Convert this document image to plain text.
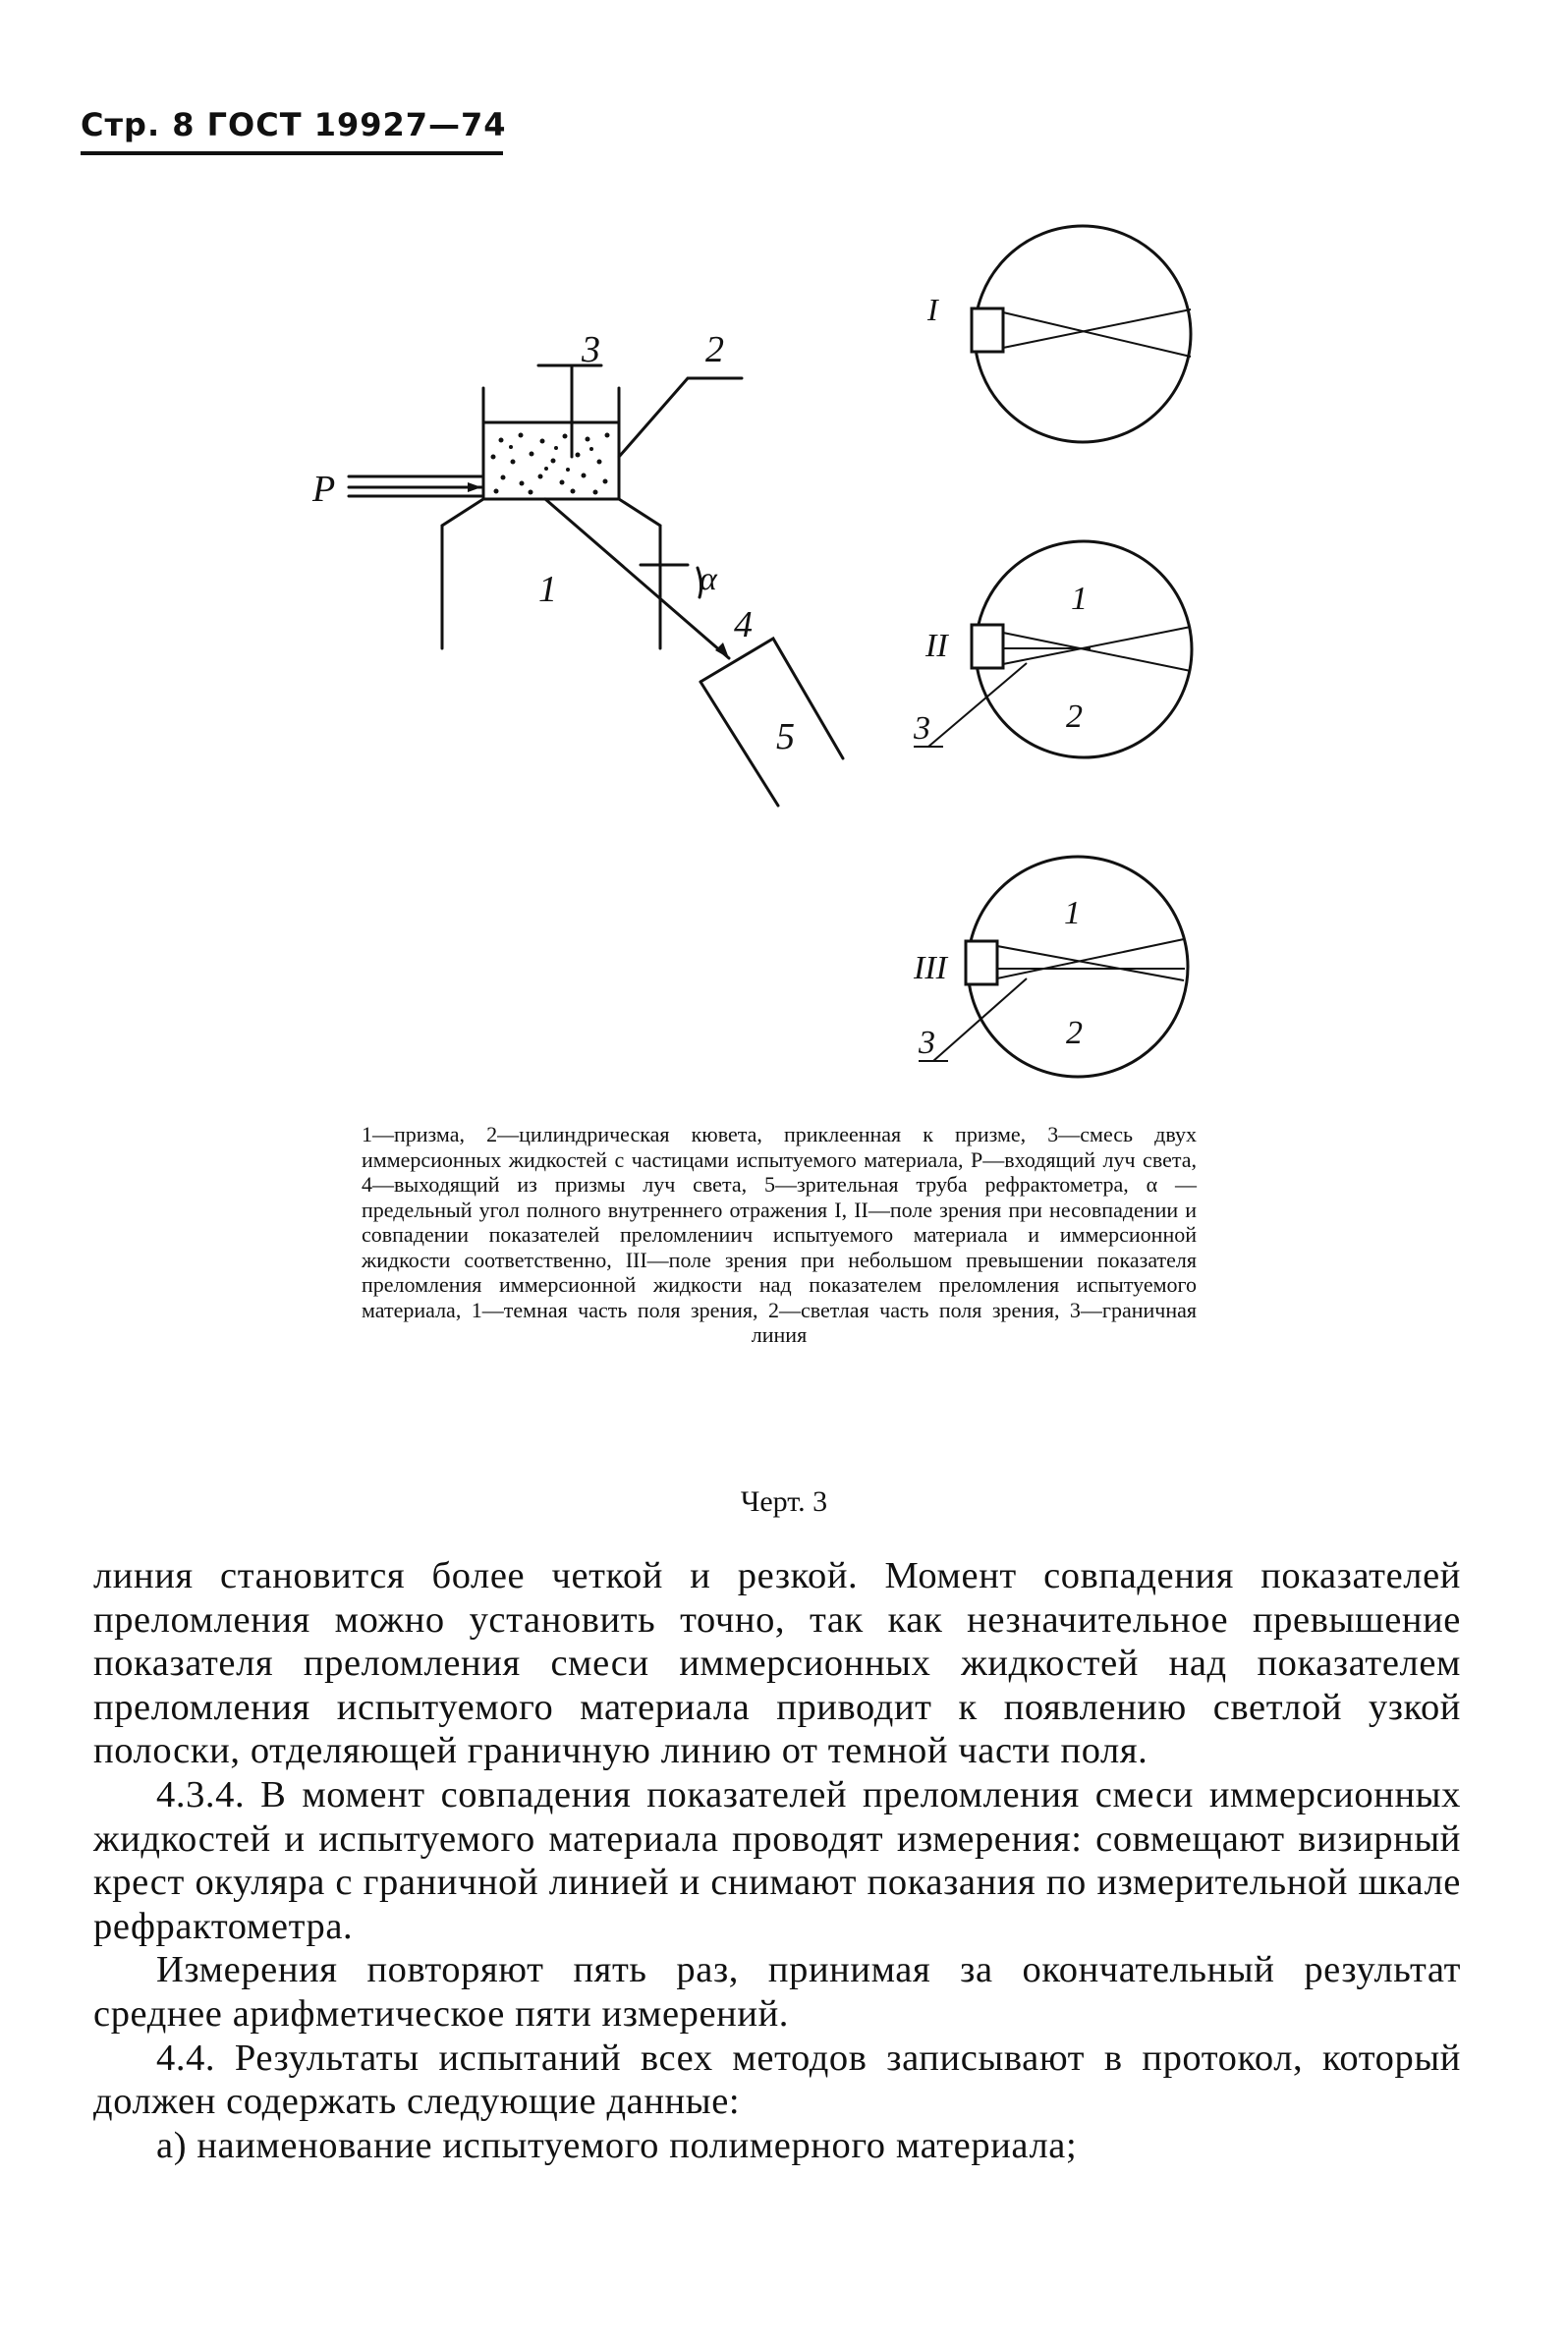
Стр. 8 ГОСТ 19927—74
P
1
2
3
4
5
α
I
II
1
2
3
III
1
2
3
1—призма, 2—цилиндрическая кювета, приклеенная к призме, 3—смесь двух иммерсионных жидкостей с частицами испытуемого материала, P—входящий луч света, 4—выходящий из призмы луч света, 5—зрительная труба рефрактометра, α —предельный угол полного внутреннего отражения I, II—поле зрения при несовпадении и совпадении показателей преломлениич испытуемого материала и иммерсионной жидкости соответственно, III—поле зрения при небольшом превышении показателя преломления иммерсионной жидкости над показателем преломления испытуемого материала, 1—темная часть поля зрения, 2—светлая часть поля зрения, 3—граничная линия
Черт. 3

линия становится более четкой и резкой. Момент совпадения показателей преломления можно установить точно, так как незначительное превышение показателя преломления смеси иммерсионных жидкостей над показателем преломления испытуемого материала приводит к появлению светлой узкой полоски, отделяющей граничную линию от темной части поля.

4.3.4. В момент совпадения показателей преломления смеси иммерсионных жидкостей и испытуемого материала проводят измерения: совмещают визирный крест окуляра с граничной линией и снимают показания по измерительной шкале рефрактометра.

Измерения повторяют пять раз, принимая за окончательный результат среднее арифметическое пяти измерений.

4.4. Результаты испытаний всех методов записывают в протокол, который должен содержать следующие данные:

а) наименование испытуемого полимерного материала;
